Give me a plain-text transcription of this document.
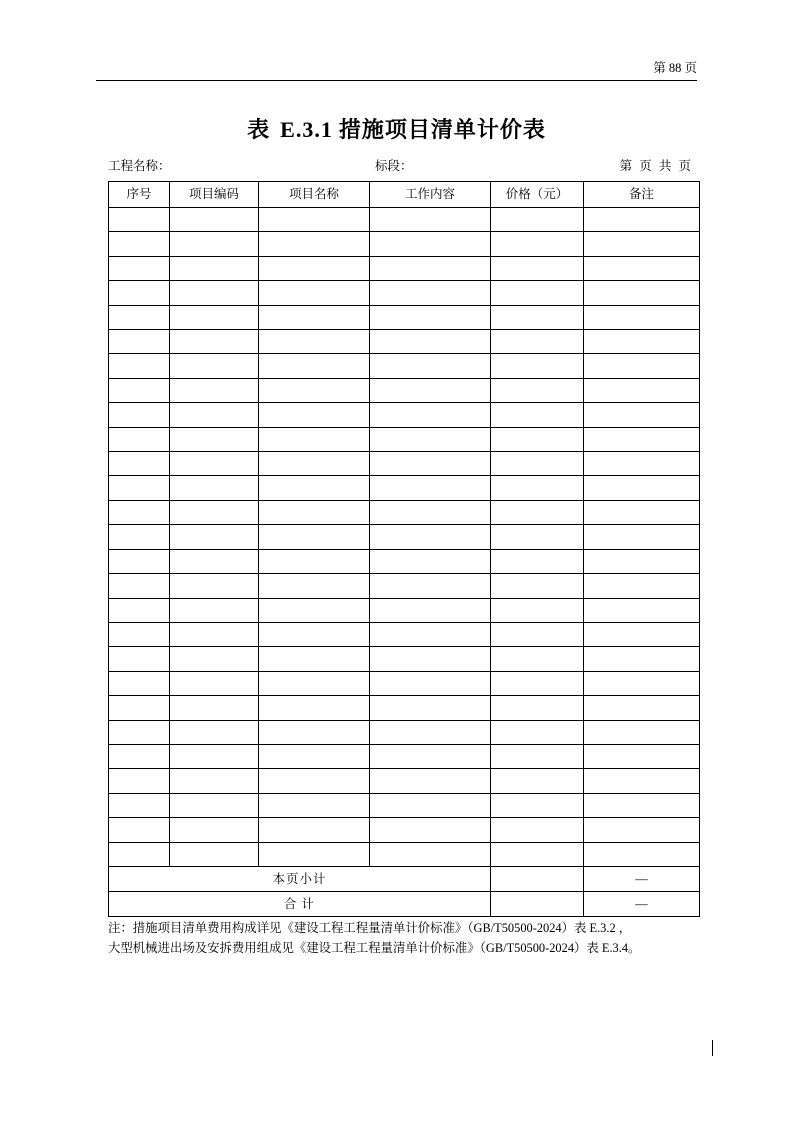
第 88 页
表 E.3.1 措施项目清单计价表
工程名称：	标段：	第 页 共 页
序号	项目编码	项目名称	工作内容	价格（元）	备注

本页小计					—
合 计					—
注：措施项目清单费用构成详见《建设工程工程量清单计价标准》（GB/T50500-2024）表 E.3.2 ，
大型机械进出场及安拆费用组成见《建设工程工程量清单计价标准》（GB/T50500-2024）表 E.3.4。
